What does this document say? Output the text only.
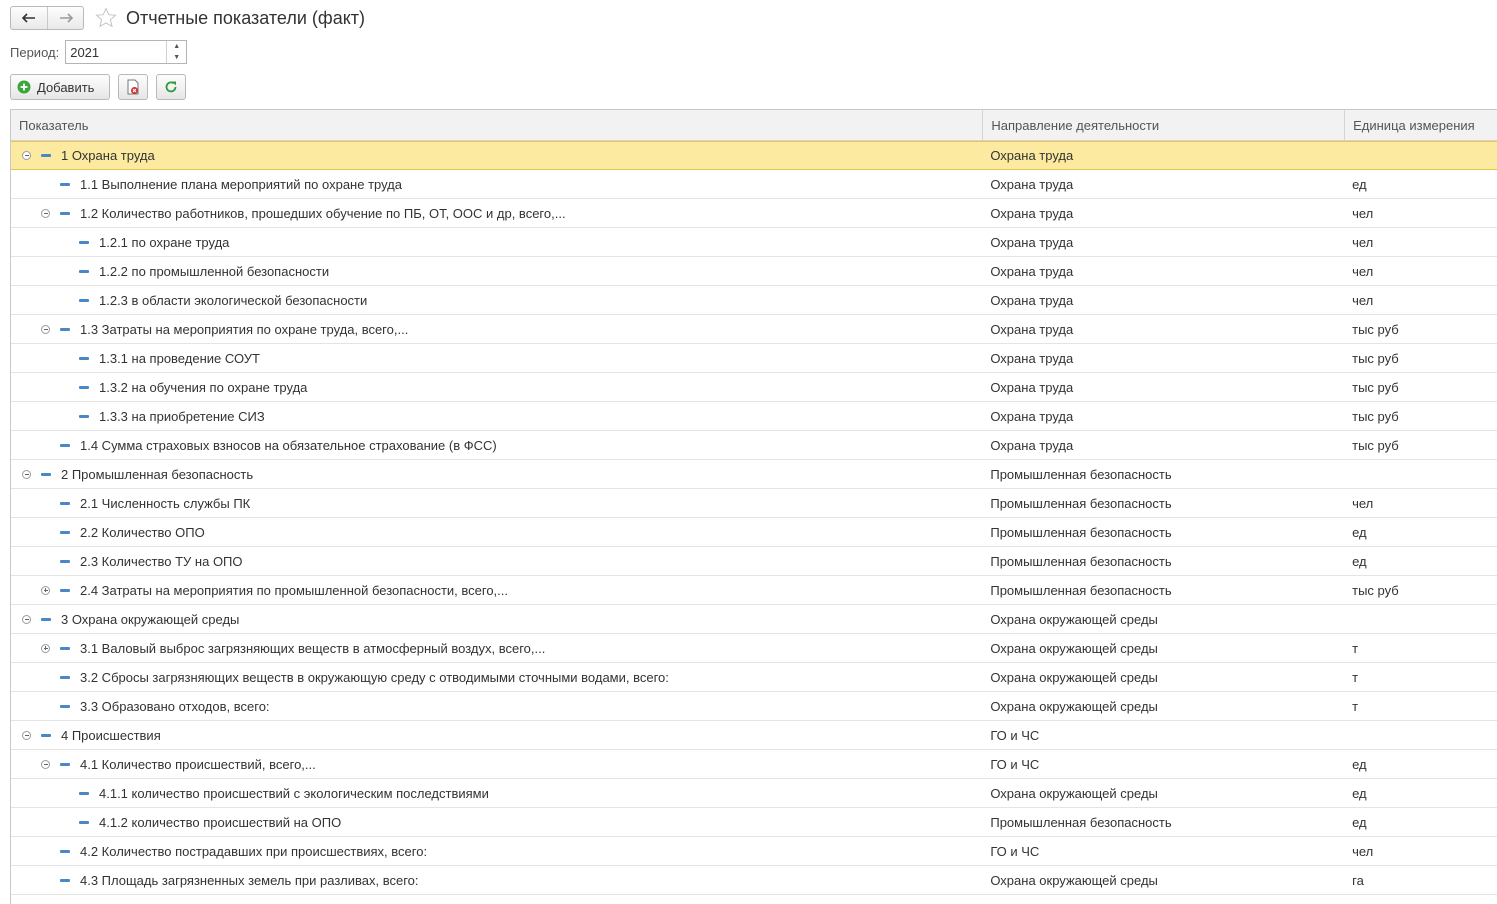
Отчетные показатели (факт)
Период: 2021	▲
▼
Добавить
Показатель	Направление деятельности	Единица измерения
1 Охрана труда	Охрана труда
1.1 Выполнение плана мероприятий по охране труда	Охрана труда	ед
1.2 Количество работников, прошедших обучение по ПБ, ОТ, ООС и др, всего,...	Охрана труда	чел
1.2.1 по охране труда	Охрана труда	чел
1.2.2 по промышленной безопасности	Охрана труда	чел
1.2.3 в области экологической безопасности	Охрана труда	чел
1.3 Затраты на мероприятия по охране труда, всего,...	Охрана труда	тыс руб
1.3.1 на проведение СОУТ	Охрана труда	тыс руб
1.3.2 на обучения по охране труда	Охрана труда	тыс руб
1.3.3 на приобретение СИЗ	Охрана труда	тыс руб
1.4 Сумма страховых взносов на обязательное страхование (в ФСС)	Охрана труда	тыс руб
2 Промышленная безопасность	Промышленная безопасность
2.1 Численность службы ПК	Промышленная безопасность	чел
2.2 Количество ОПО	Промышленная безопасность	ед
2.3 Количество ТУ на ОПО	Промышленная безопасность	ед
2.4 Затраты на мероприятия по промышленной безопасности, всего,...	Промышленная безопасность	тыс руб
3 Охрана окружающей среды	Охрана окружающей среды
3.1 Валовый выброс загрязняющих веществ в атмосферный воздух, всего,...	Охрана окружающей среды	т
3.2 Сбросы загрязняющих веществ в окружающую среду с отводимыми сточными водами, всего:	Охрана окружающей среды	т
3.3 Образовано отходов, всего:	Охрана окружающей среды	т
4 Происшествия	ГО и ЧС
4.1 Количество происшествий, всего,...	ГО и ЧС	ед
4.1.1 количество происшествий с экологическим последствиями	Охрана окружающей среды	ед
4.1.2 количество происшествий на ОПО	Промышленная безопасность	ед
4.2 Количество пострадавших при происшествиях, всего:	ГО и ЧС	чел
4.3 Площадь загрязненных земель при разливах, всего:	Охрана окружающей среды	га
